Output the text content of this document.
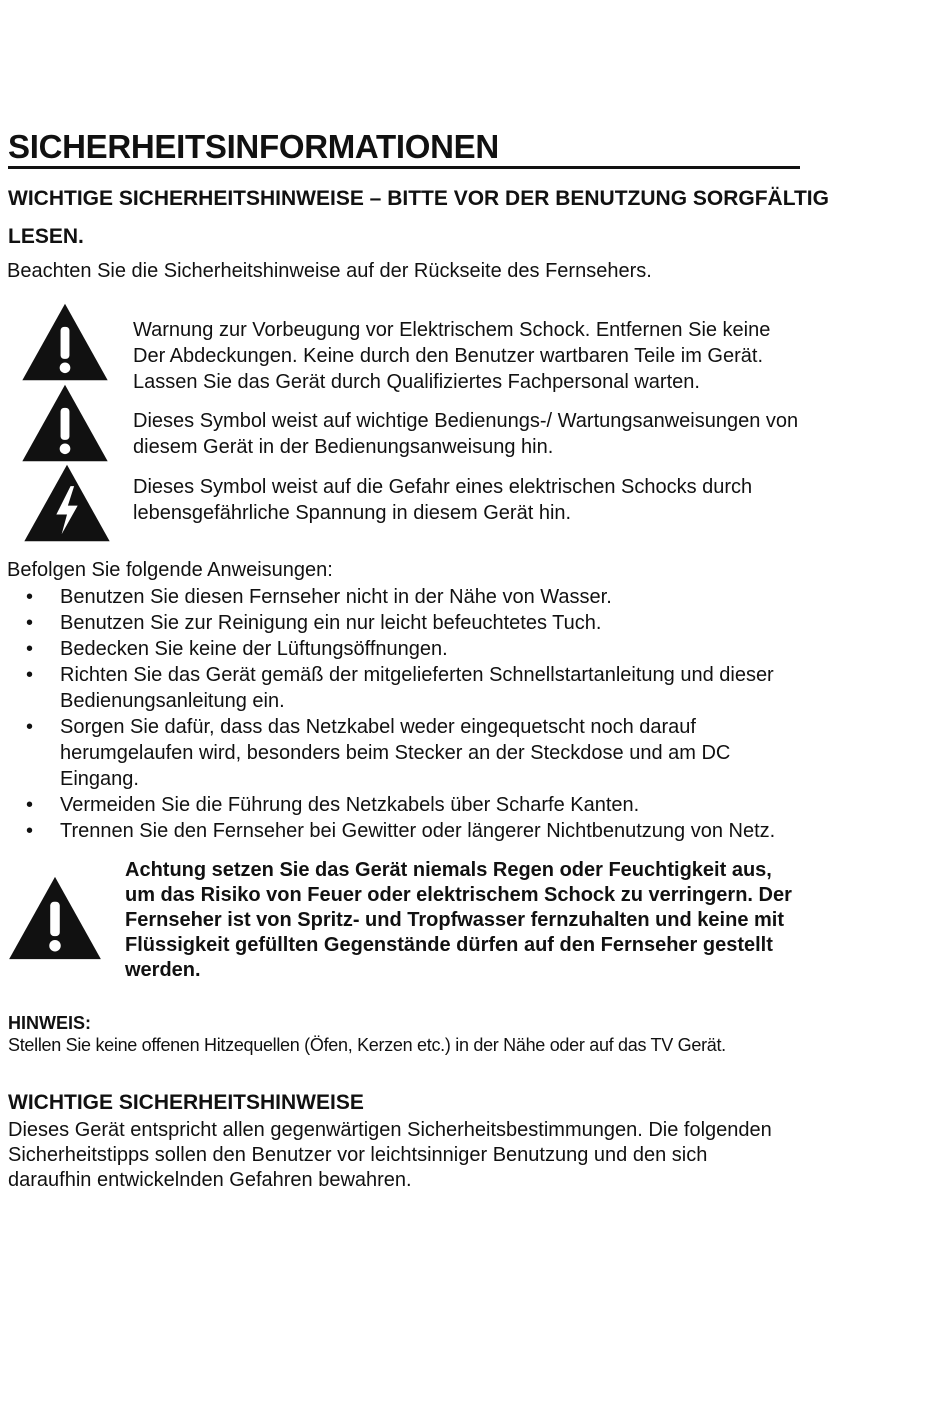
SICHERHEITSINFORMATIONEN
WICHTIGE SICHERHEITSHINWEISE – BITTE VOR DER BENUTZUNG SORGFÄLTIG
LESEN.
Beachten Sie die Sicherheitshinweise auf der Rückseite des Fernsehers.
Warnung zur Vorbeugung vor Elektrischem Schock. Entfernen Sie keine
Der Abdeckungen. Keine durch den Benutzer wartbaren Teile im Gerät.
Lassen Sie das Gerät durch Qualifiziertes Fachpersonal warten.
Dieses Symbol weist auf wichtige Bedienungs-/ Wartungsanweisungen von
diesem Gerät in der Bedienungsanweisung hin.
Dieses Symbol weist auf die Gefahr eines elektrischen Schocks durch
lebensgefährliche Spannung in diesem Gerät hin.
Befolgen Sie folgende Anweisungen:
• Benutzen Sie diesen Fernseher nicht in der Nähe von Wasser.
• Benutzen Sie zur Reinigung ein nur leicht befeuchtetes Tuch.
• Bedecken Sie keine der Lüftungsöffnungen.
• Richten Sie das Gerät gemäß der mitgelieferten Schnellstartanleitung und dieser
Bedienungsanleitung ein.
• Sorgen Sie dafür, dass das Netzkabel weder eingequetscht noch darauf
herumgelaufen wird, besonders beim Stecker an der Steckdose und am DC
Eingang.
• Vermeiden Sie die Führung des Netzkabels über Scharfe Kanten.
• Trennen Sie den Fernseher bei Gewitter oder längerer Nichtbenutzung von Netz.
Achtung setzen Sie das Gerät niemals Regen oder Feuchtigkeit aus,
um das Risiko von Feuer oder elektrischem Schock zu verringern. Der
Fernseher ist von Spritz- und Tropfwasser fernzuhalten und keine mit
Flüssigkeit gefüllten Gegenstände dürfen auf den Fernseher gestellt
werden.
HINWEIS:
Stellen Sie keine offenen Hitzequellen (Öfen, Kerzen etc.) in der Nähe oder auf das TV Gerät.
WICHTIGE SICHERHEITSHINWEISE
Dieses Gerät entspricht allen gegenwärtigen Sicherheitsbestimmungen. Die folgenden
Sicherheitstipps sollen den Benutzer vor leichtsinniger Benutzung und den sich
daraufhin entwickelnden Gefahren bewahren.
